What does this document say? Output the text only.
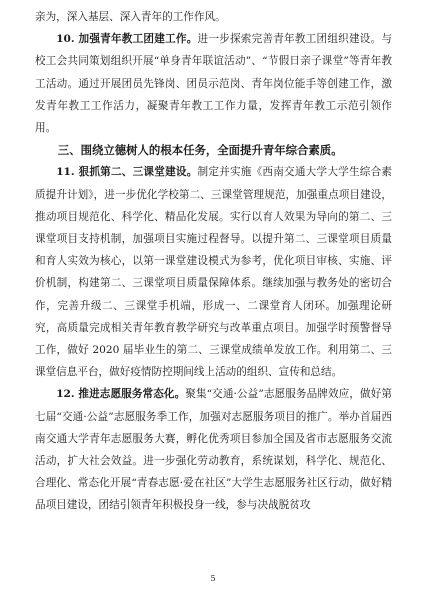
亲为，深入基层、深入青年的工作作风。

10. 加强青年教工团建工作。进一步探索完善青年教工团组织建设。与校工会共同策划组织开展“单身青年联谊活动”、“节假日亲子课堂”等青年教工活动。通过开展团员先锋岗、团员示范岗、青年岗位能手等创建工作，激发青年教工工作活力，凝聚青年教工工作力量，发挥青年教工示范引领作用。

三、围绕立德树人的根本任务，全面提升青年综合素质。

11. 狠抓第二、三课堂建设。制定并实施《西南交通大学大学生综合素质提升计划》，进一步优化学校第二、三课堂管理规范，加强重点项目建设，推动项目规范化、科学化、精品化发展。实行以育人效果为导向的第二、三课堂项目支持机制，加强项目实施过程督导。以提升第二、三课堂项目质量和育人实效为核心，以第一课堂建设模式为参考，优化项目审核、实施、评价机制，构建第二、三课堂项目质量保障体系。继续加强与教务处的密切合作，完善升级二、三课堂手机端，形成一、二课堂育人闭环。加强理论研究，高质量完成相关青年教育教学研究与改革重点项目。加强学时预警督导工作，做好 2020 届毕业生的第二、三课堂成绩单发放工作。利用第二、三课堂信息平台，做好疫情防控期间线上活动的组织、宣传和总结。

12. 推进志愿服务常态化。聚集“交通·公益”志愿服务品牌效应，做好第七届“交通·公益”志愿服务季工作，加强对志愿服务项目的推广。举办首届西南交通大学青年志愿服务大赛，孵化优秀项目参加全国及省市志愿服务交流活动，扩大社会效益。进一步强化劳动教育，系统谋划，科学化、规范化、合理化、常态化开展“青春志愿·爱在社区”大学生志愿服务社区行动，做好精品项目建设，团结引领青年积极投身一线，参与决战脱贫攻

5
